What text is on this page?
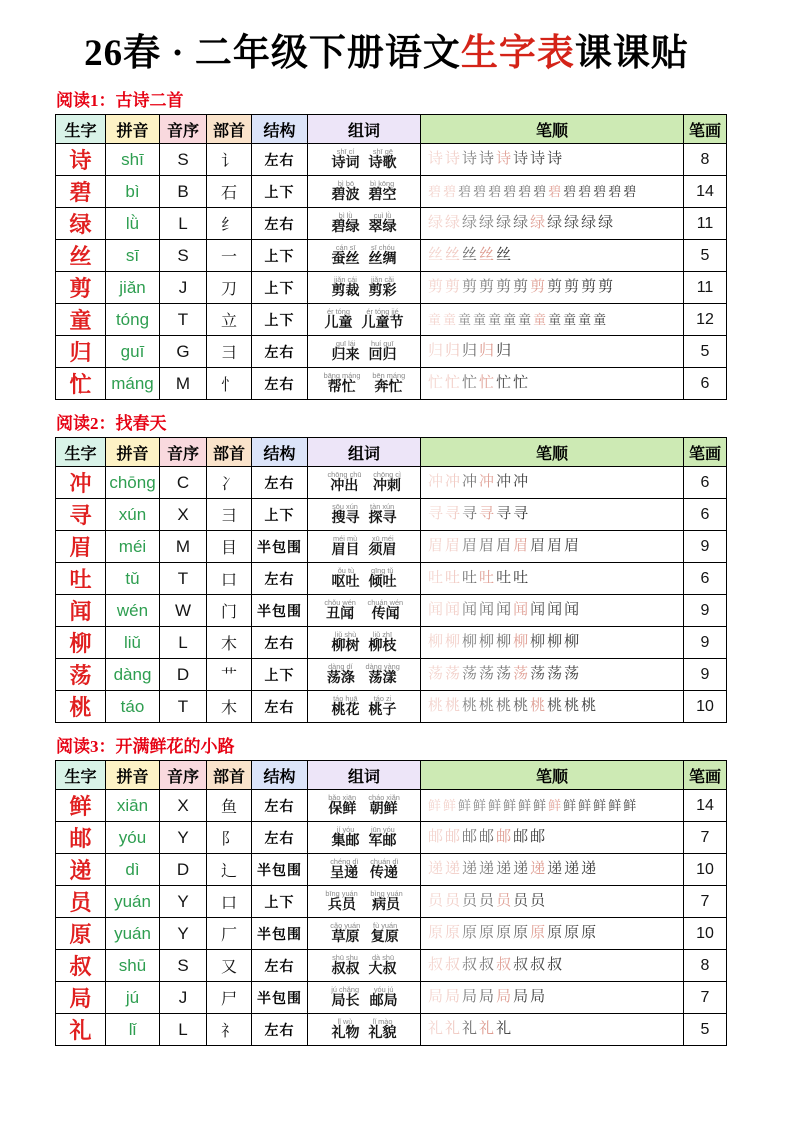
26春 · 二年级下册语文生字表课课贴
阅读1：古诗二首
生字	拼音	音序	部首	结构	组词	笔顺	笔画
诗	shī	S	讠	左右	
shī cí
诗词
shī gē
诗歌	诗 诗 诗 诗 诗 诗 诗 诗	8
碧	bì	B	石	上下	
bì bō
碧波
bì kōng
碧空	碧 碧 碧 碧 碧 碧 碧 碧 碧 碧 碧 碧 碧 碧	14
绿	lǜ	L	纟	左右	
bì lǜ
碧绿
cuì lǜ
翠绿	绿 绿 绿 绿 绿 绿 绿 绿 绿 绿 绿	11
丝	sī	S	一	上下	
cán sī
蚕丝
sī chóu
丝绸	丝 丝 丝 丝 丝	5
剪	jiǎn	J	刀	上下	
jiǎn cái
剪裁
jiǎn cǎi
剪彩	剪 剪 剪 剪 剪 剪 剪 剪 剪 剪 剪	11
童	tóng	T	立	上下	
ér tóng
儿童
ér tóng jié
儿童节	童 童 童 童 童 童 童 童 童 童 童 童	12
归	guī	G	彐	左右	
guī lái
归来
huí guī
回归	归 归 归 归 归	5
忙	máng	M	忄	左右	
bāng máng
帮忙
bēn máng
奔忙	忙 忙 忙 忙 忙 忙	6
阅读2：找春天
生字	拼音	音序	部首	结构	组词	笔顺	笔画
冲	chōng	C	冫	左右	
chōng chū
冲出
chōng cì
冲刺	冲 冲 冲 冲 冲 冲	6
寻	xún	X	彐	上下	
sōu xún
搜寻
tàn xún
探寻	寻 寻 寻 寻 寻 寻	6
眉	méi	M	目	半包围	
méi mù
眉目
xū méi
须眉	眉 眉 眉 眉 眉 眉 眉 眉 眉	9
吐	tǔ	T	口	左右	
ǒu tù
呕吐
qīng tǔ
倾吐	吐 吐 吐 吐 吐 吐	6
闻	wén	W	门	半包围	
chǒu wén
丑闻
chuán wén
传闻	闻 闻 闻 闻 闻 闻 闻 闻 闻	9
柳	liǔ	L	木	左右	
liǔ shù
柳树
liǔ zhī
柳枝	柳 柳 柳 柳 柳 柳 柳 柳 柳	9
荡	dàng	D	艹	上下	
dàng dí
荡涤
dàng yàng
荡漾	荡 荡 荡 荡 荡 荡 荡 荡 荡	9
桃	táo	T	木	左右	
táo huā
桃花
táo zi
桃子	桃 桃 桃 桃 桃 桃 桃 桃 桃 桃	10
阅读3：开满鲜花的小路
生字	拼音	音序	部首	结构	组词	笔顺	笔画
鲜	xiān	X	鱼	左右	
bǎo xiān
保鲜
cháo xiǎn
朝鲜	鲜 鲜 鲜 鲜 鲜 鲜 鲜 鲜 鲜 鲜 鲜 鲜 鲜 鲜	14
邮	yóu	Y	阝	左右	
jí yóu
集邮
jūn yóu
军邮	邮 邮 邮 邮 邮 邮 邮	7
递	dì	D	辶	半包围	
chéng dì
呈递
chuán dì
传递	递 递 递 递 递 递 递 递 递 递	10
员	yuán	Y	口	上下	
bīng yuán
兵员
bìng yuán
病员	员 员 员 员 员 员 员	7
原	yuán	Y	厂	半包围	
cǎo yuán
草原
fù yuán
复原	原 原 原 原 原 原 原 原 原 原	10
叔	shū	S	又	左右	
shū shu
叔叔
dà shū
大叔	叔 叔 叔 叔 叔 叔 叔 叔	8
局	jú	J	尸	半包围	
jú chǎng
局长
yóu jú
邮局	局 局 局 局 局 局 局	7
礼	lǐ	L	礻	左右	
lǐ wù
礼物
lǐ mào
礼貌	礼 礼 礼 礼 礼	5
